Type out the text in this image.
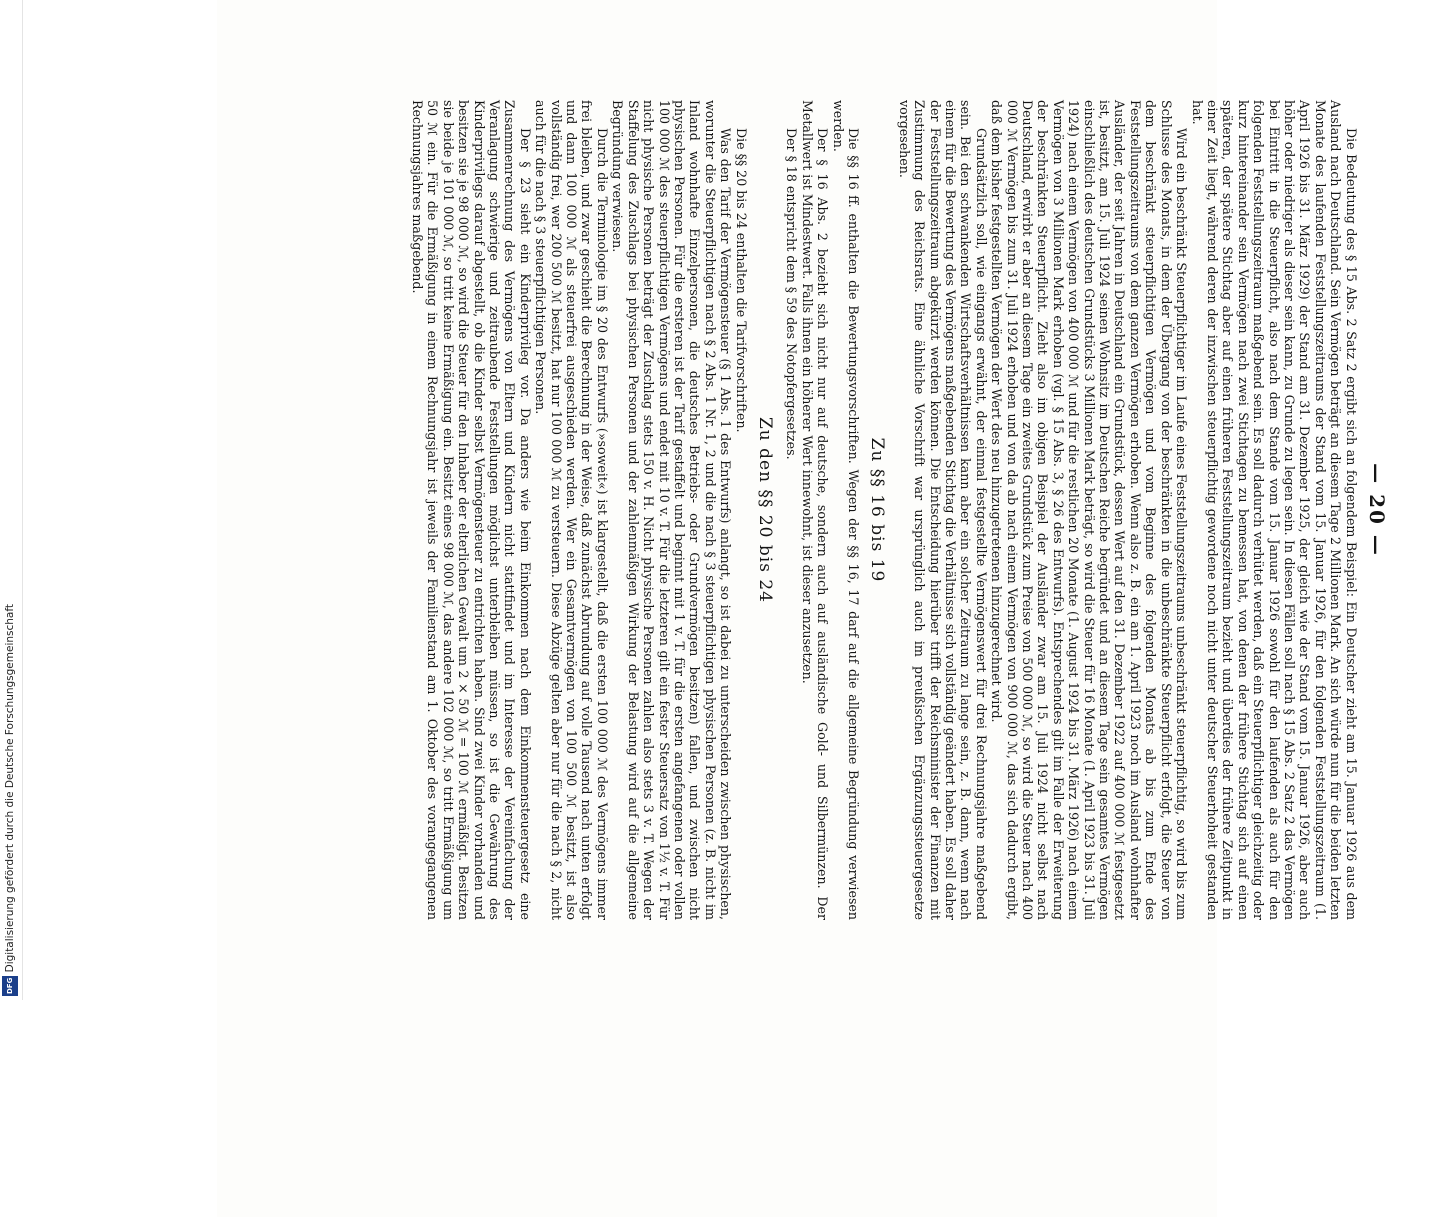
— 20 —

Die Bedeutung des § 15 Abs. 2 Satz 2 ergibt sich an folgendem Beispiel: Ein Deutscher zieht am 15. Januar 1926 aus dem Ausland nach Deutschland. Sein Vermögen beträgt an diesem Tage 2 Millionen Mark. An sich würde nun für die beiden letzten Monate des laufenden Feststellungszeitraums der Stand vom 15. Januar 1926, für den folgenden Feststellungszeitraum (1. April 1926 bis 31. März 1929) der Stand am 31. Dezember 1925, der gleich wie der Stand vom 15. Januar 1926, aber auch höher oder niedriger als dieser sein kann, zu Grunde zu legen sein. In diesen Fällen soll nach § 15 Abs. 2 Satz 2 das Vermögen bei Eintritt in die Steuerpflicht, also nach dem Stande vom 15. Januar 1926 sowohl für den laufenden als auch für den folgenden Feststellungszeitraum maßgebend sein. Es soll dadurch verhütet werden, daß ein Steuerpflichtiger gleichzeitig oder kurz hintereinander sein Vermögen nach zwei Stichtagen zu bemessen hat, von denen der frühere Stichtag sich auf einen späteren, der spätere Stichtag aber auf einen früheren Feststellungszeitraum bezieht und überdies der frühere Zeitpunkt in einer Zeit liegt, während deren der inzwischen steuerpflichtig gewordene noch nicht unter deutscher Steuerhoheit gestanden hat.

Wird ein beschränkt Steuerpflichtiger im Laufe eines Feststellungszeitraums unbeschränkt steuerpflichtig, so wird bis zum Schlusse des Monats, in dem der Übergang von der beschränkten in die unbeschränkte Steuerpflicht erfolgt, die Steuer von dem beschränkt steuerpflichtigen Vermögen und vom Beginne des folgenden Monats ab bis zum Ende des Feststellungszeitraums von dem ganzen Vermögen erhoben. Wenn also z. B. ein am 1. April 1923 noch im Ausland wohnhafter Ausländer, der seit Jahren in Deutschland ein Grundstück, dessen Wert auf den 31. Dezember 1922 auf 400 000 ℳ festgesetzt ist, besitzt, am 15. Juli 1924 seinen Wohnsitz im Deutschen Reiche begründet und an diesem Tage sein gesamtes Vermögen einschließlich des deutschen Grundstücks 3 Millionen Mark beträgt, so wird die Steuer für 16 Monate (1. April 1923 bis 31. Juli 1924) nach einem Vermögen von 400 000 ℳ und für die restlichen 20 Monate (1. August 1924 bis 31. März 1926) nach einem Vermögen von 3 Millionen Mark erhoben (vgl. § 15 Abs. 3, § 26 des Entwurfs). Entsprechendes gilt im Falle der Erweiterung der beschränkten Steuerpflicht. Zieht also im obigen Beispiel der Ausländer zwar am 15. Juli 1924 nicht selbst nach Deutschland, erwirbt er aber an diesem Tage ein zweites Grundstück zum Preise von 500 000 ℳ, so wird die Steuer nach 400 000 ℳ Vermögen bis zum 31. Juli 1924 erhoben und von da ab nach einem Vermögen von 900 000 ℳ, das sich dadurch ergibt, daß dem bisher festgestellten Vermögen der Wert des neu hinzugetretenen hinzugerechnet wird.

Grundsätzlich soll, wie eingangs erwähnt, der einmal festgestellte Vermögenswert für drei Rechnungsjahre maßgebend sein. Bei den schwankenden Wirtschaftsverhältnissen kann aber ein solcher Zeitraum zu lange sein, z. B. dann, wenn nach einem für die Bewertung des Vermögens maßgebenden Stichtag die Verhältnisse sich vollständig geändert haben. Es soll daher der Feststellungszeitraum abgekürzt werden können. Die Entscheidung hierüber trifft der Reichsminister der Finanzen mit Zustimmung des Reichsrats. Eine ähnliche Vorschrift war ursprünglich auch im preußischen Ergänzungssteuergesetze vorgesehen.

Zu §§ 16 bis 19

Die §§ 16 ff. enthalten die Bewertungsvorschriften. Wegen der §§ 16, 17 darf auf die allgemeine Begründung verwiesen werden.

Der § 16 Abs. 2 bezieht sich nicht nur auf deutsche, sondern auch auf ausländische Gold- und Silbermünzen. Der Metallwert ist Mindestwert. Falls ihnen ein höherer Wert innewohnt, ist dieser anzusetzen.

Der § 18 entspricht dem § 59 des Notopfergesetzes.

Zu den §§ 20 bis 24

Die §§ 20 bis 24 enthalten die Tarifvorschriften.

Was den Tarif der Vermögensteuer (§ 1 Abs. 1 des Entwurfs) anlangt, so ist dabei zu unterscheiden zwischen physischen, worunter die Steuerpflichtigen nach § 2 Abs. 1 Nr. 1, 2 und die nach § 3 steuerpflichtigen physischen Personen (z. B. nicht im Inland wohnhafte Einzelpersonen, die deutsches Betriebs- oder Grundvermögen besitzen) fallen, und zwischen nicht physischen Personen. Für die ersteren ist der Tarif gestaffelt und beginnt mit 1 v. T. für die ersten angefangenen oder vollen 100 000 ℳ des steuerpflichtigen Vermögens und endet mit 10 v. T. Für die letzteren gilt ein fester Steuersatz von 1½ v. T. Für nicht physische Personen beträgt der Zuschlag stets 150 v. H. Nicht physische Personen zahlen also stets 3 v. T. Wegen der Staffelung des Zuschlags bei physischen Personen und der zahlenmäßigen Wirkung der Belastung wird auf die allgemeine Begründung verwiesen.

Durch die Terminologie im § 20 des Entwurfs (»soweit«) ist klargestellt, daß die ersten 100 000 ℳ des Vermögens immer frei bleiben, und zwar geschieht die Berechnung in der Weise, daß zunächst Abrundung auf volle Tausend nach unten erfolgt und dann 100 000 ℳ als steuerfrei ausgeschieden werden. Wer ein Gesamtvermögen von 100 500 ℳ besitzt, ist also vollständig frei, wer 200 500 ℳ besitzt, hat nur 100 000 ℳ zu versteuern. Diese Abzüge gelten aber nur für die nach § 2, nicht auch für die nach § 3 steuerpflichtigen Personen.

Der § 23 sieht ein Kinderprivileg vor. Da anders wie beim Einkommen nach dem Einkommensteuergesetz eine Zusammenrechnung des Vermögens von Eltern und Kindern nicht stattfindet und im Interesse der Vereinfachung der Veranlagung schwierige und zeitraubende Feststellungen möglichst unterbleiben müssen, so ist die Gewährung des Kinderprivilegs darauf abgestellt, ob die Kinder selbst Vermögensteuer zu entrichten haben. Sind zwei Kinder vorhanden und besitzen sie je 98 000 ℳ, so wird die Steuer für den Inhaber der elterlichen Gewalt um 2 × 50 ℳ = 100 ℳ ermäßigt. Besitzen sie beide je 101 000 ℳ, so tritt keine Ermäßigung ein. Besitzt eines 98 000 ℳ, das andere 102 000 ℳ, so tritt Ermäßigung um 50 ℳ ein. Für die Ermäßigung in einem Rechnungsjahr ist jeweils der Familienstand am 1. Oktober des vorangegangenen Rechnungsjahres maßgebend.

Digitalisierung gefördert durch die Deutsche Forschungsgemeinschaft
DFG
